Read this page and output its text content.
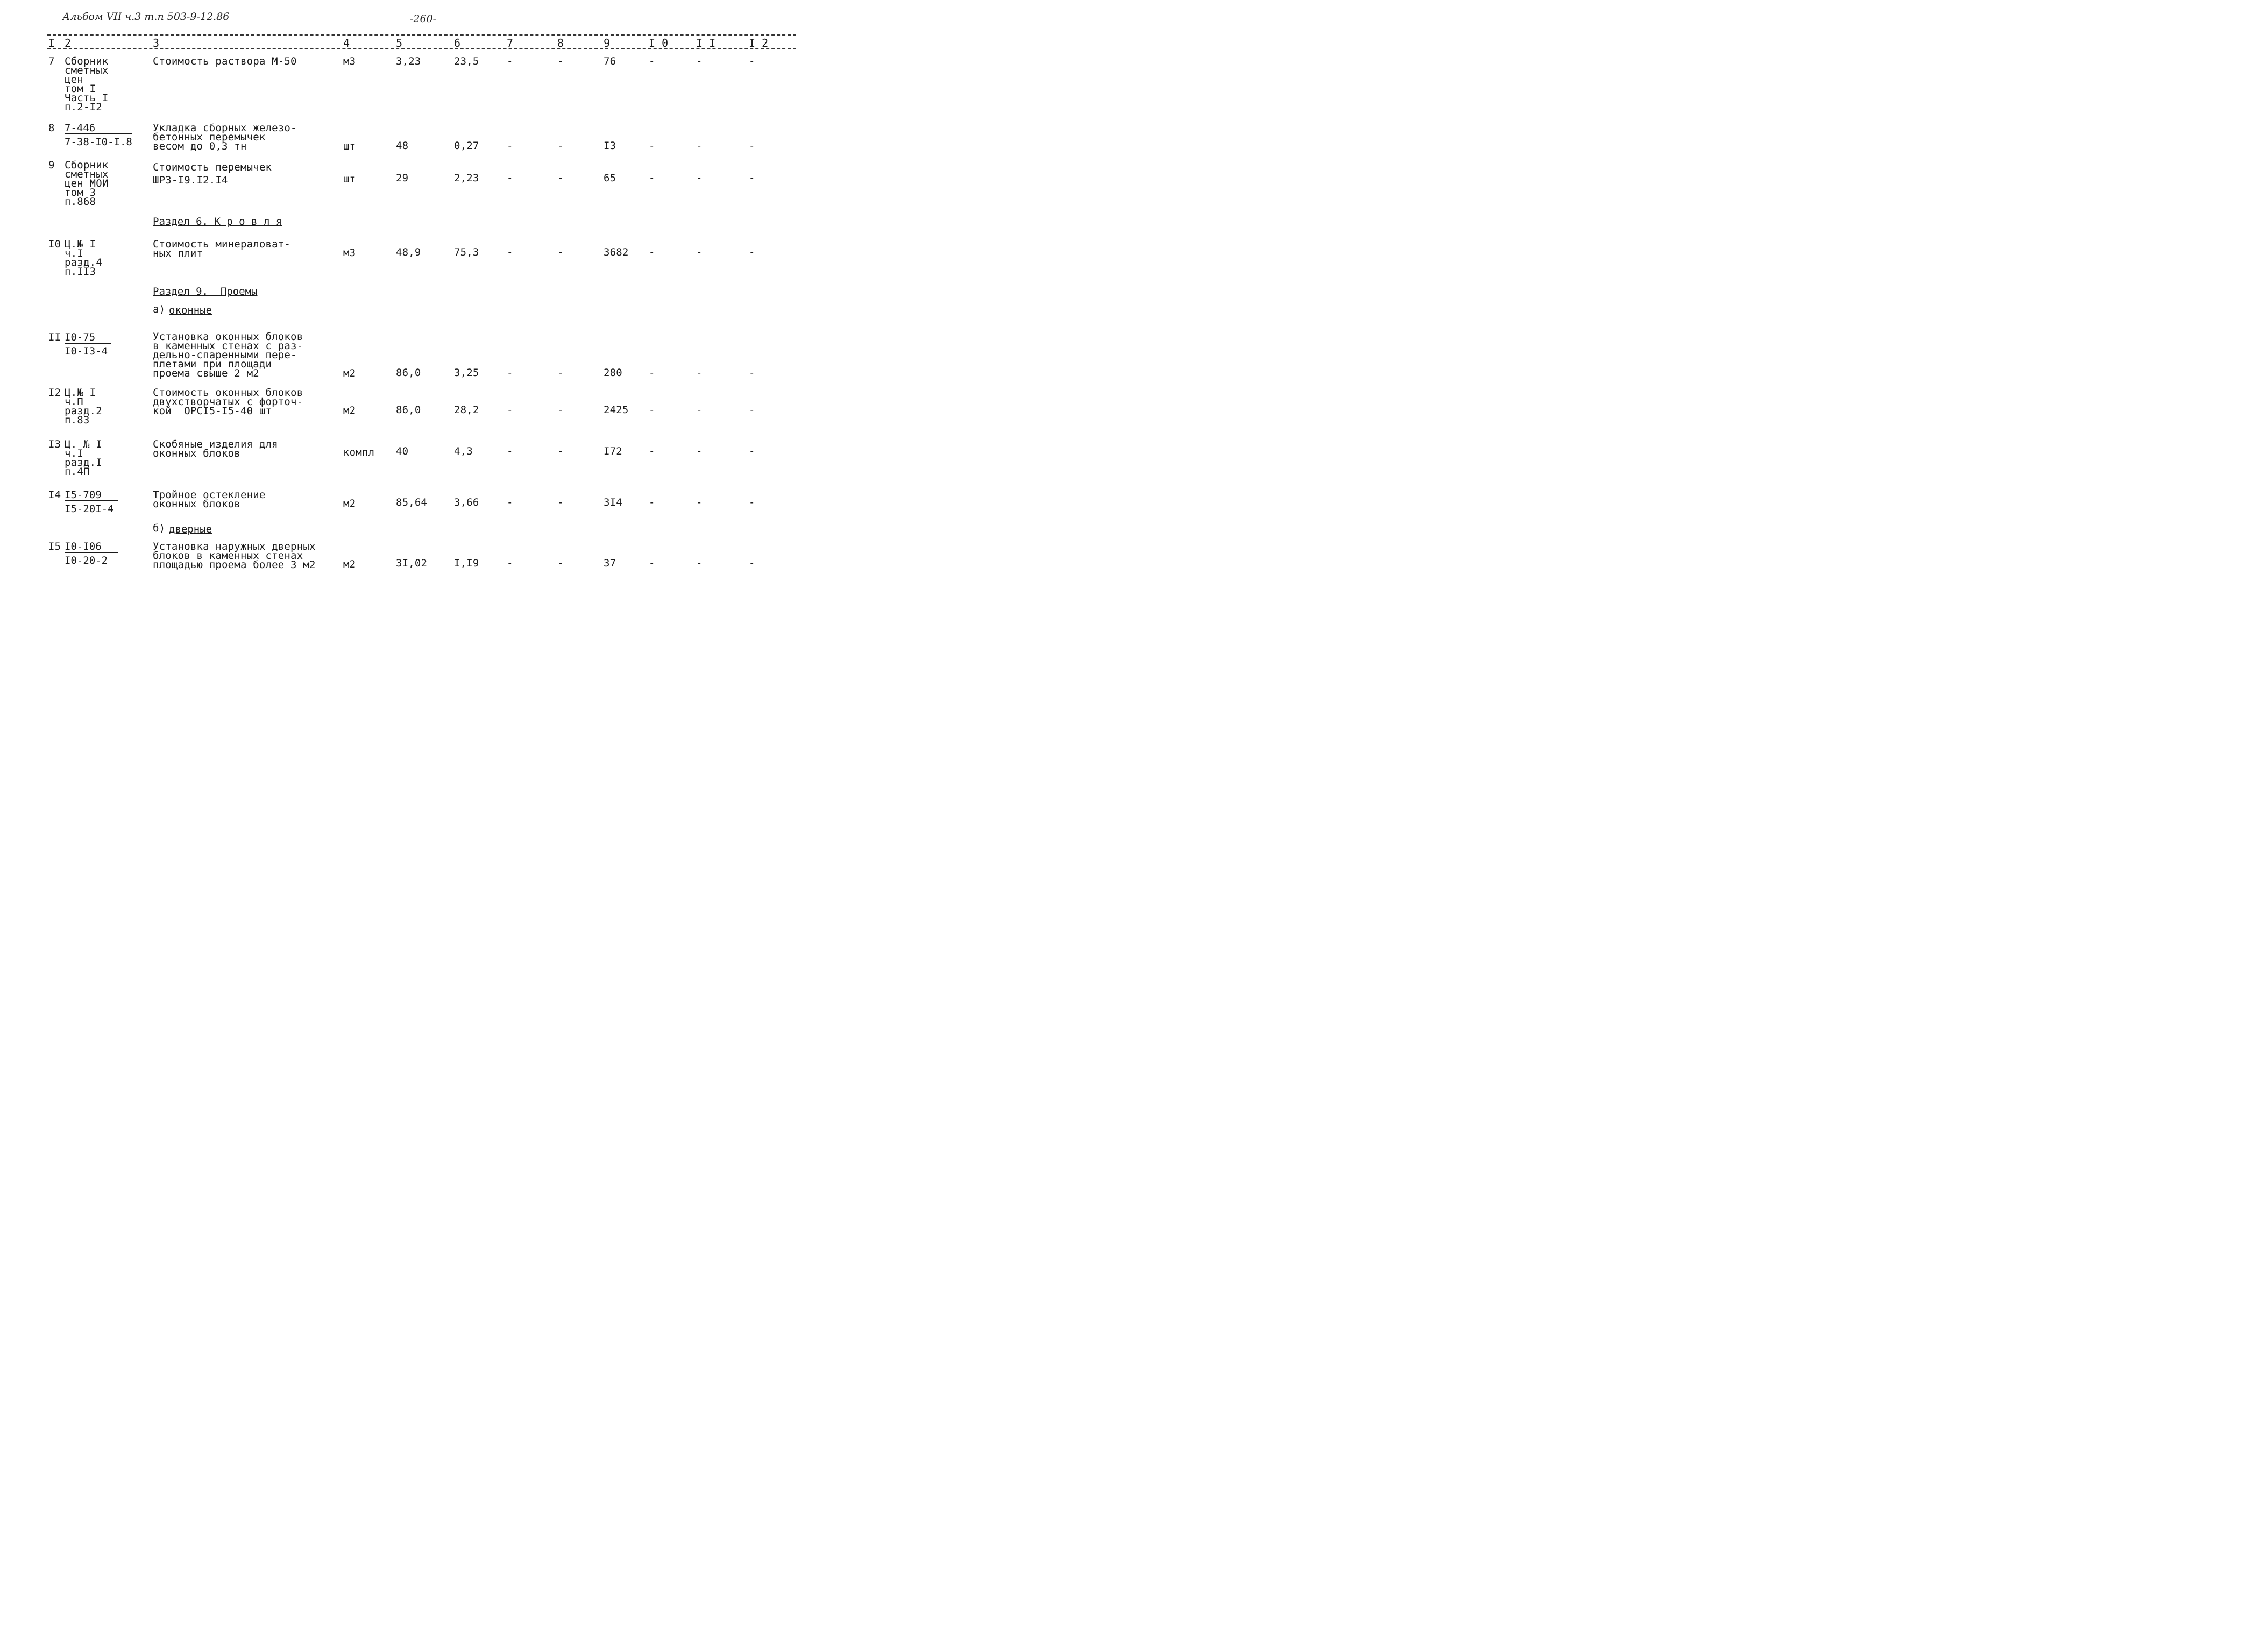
Альбом VII ч.3 т.п 503-9-12.86	-260-
I 2	3	4	5	6	7	8	9	I 0	I I	I 2
7 Сборник
сметных
цен
том I
Часть I
п.2-I2
Стоимость раствора М-50	м3	3,23	23,5	-	-	76	-	-	-
$8 \frac{7-446}{7-38-I0-I.8}$ Укладка сборных железо-
бетонных перемычек
весом до 0,3 тн	шт	48	0,27	-	-	I3	-	-	-
9 Сборник
сметных
цен МОИ
том 3
п.868
Стоимость перемычек
ШРЗ-I9.I2.I4	шт	29	2,23	-	-	65	-	-	-
Раздел 6. К р о в л я
I0 Ц.№ I
ч.I
разд.4
п.II3
Стоимость минераловат-
ных плит	м3	48,9	75,3	-	-	3682 -	-	-
Раздел 9.  Проемы
а) оконные
II $\frac{I0-75}{I0-I3-4}$	Установка оконных блоков
в каменных стенах с раз-
дельно-спаренными пере-
плетами при площади
проема свыше 2 м2	м2	86,0	3,25	-	-	280	-	-	-
I2 Ц.№ I
ч.П
разд.2
п.83
Стоимость оконных блоков
двухстворчатых с форточ-
кой  ОРСI5-I5-40 шт	м2	86,0	28,2	-	-	2425 -	-	-
I3 Ц. № I
ч.I
разд.I
п.4П
Скобяные изделия для
оконных блоков	компл 40	4,3	-	-	I72	-	-	-
$I4 \frac{I5-709}{I5-20I-4}$	Тройное остекление
оконных блоков	м2	85,64	3,66	-	-	3I4	-	-	-
б) дверные
$I5 \frac{I0-I06}{I0-20-2}$	Установка наружных дверных
блоков в каменных стенах
площадью проема более 3 м2	м2	3I,02	I,I9	-	-	37	-	-	-
